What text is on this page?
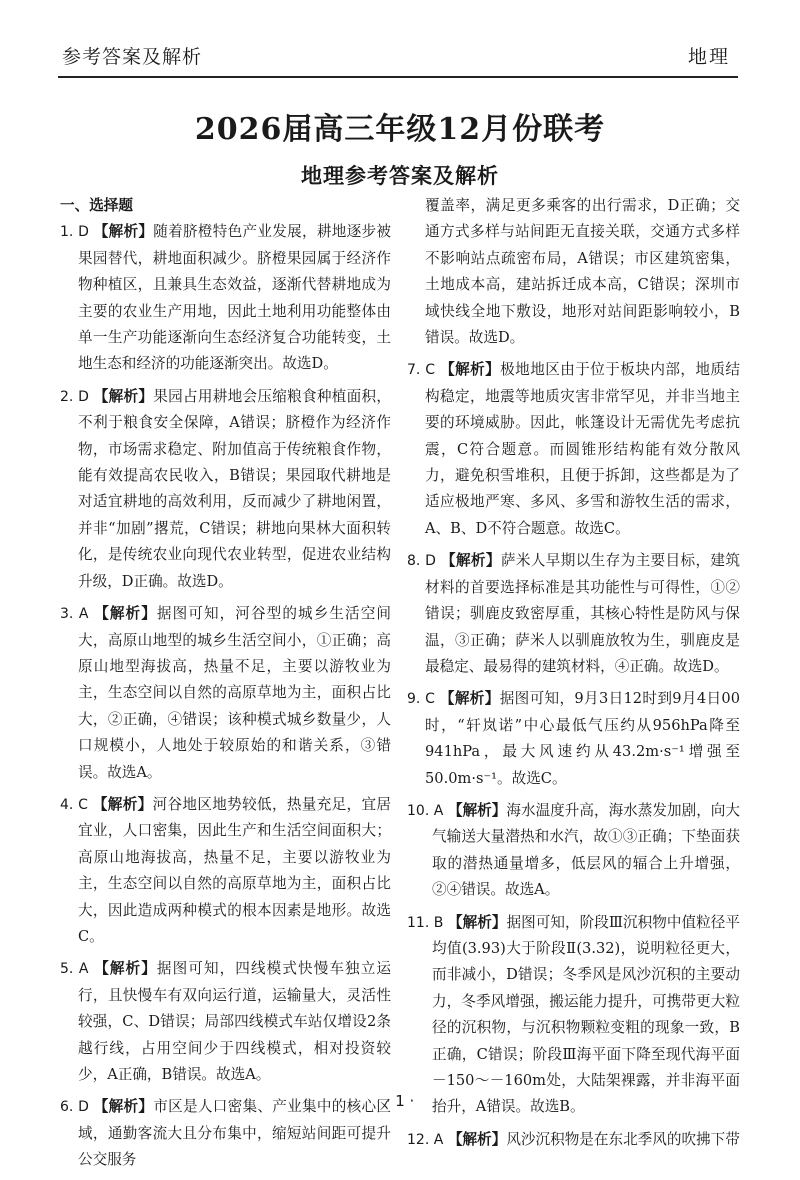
参考答案及解析	地理
2026届高三年级12月份联考
地理参考答案及解析

一、选择题

1. D 【解析】随着脐橙特色产业发展，耕地逐步被果园替代，耕地面积减少。脐橙果园属于经济作物种植区，且兼具生态效益，逐渐代替耕地成为主要的农业生产用地，因此土地利用功能整体由单一生产功能逐渐向生态经济复合功能转变，土地生态和经济的功能逐渐突出。故选D。

2. D 【解析】果园占用耕地会压缩粮食种植面积，不利于粮食安全保障，A错误；脐橙作为经济作物，市场需求稳定、附加值高于传统粮食作物，能有效提高农民收入，B错误；果园取代耕地是对适宜耕地的高效利用，反而减少了耕地闲置，并非“加剧”撂荒，C错误；耕地向果林大面积转化，是传统农业向现代农业转型，促进农业结构升级，D正确。故选D。

3. A 【解析】据图可知，河谷型的城乡生活空间大，高原山地型的城乡生活空间小，①正确；高原山地型海拔高，热量不足，主要以游牧业为主，生态空间以自然的高原草地为主，面积占比大，②正确，④错误；该种模式城乡数量少，人口规模小，人地处于较原始的和谐关系，③错误。故选A。

4. C 【解析】河谷地区地势较低，热量充足，宜居宜业，人口密集，因此生产和生活空间面积大；高原山地海拔高，热量不足，主要以游牧业为主，生态空间以自然的高原草地为主，面积占比大，因此造成两种模式的根本因素是地形。故选C。

5. A 【解析】据图可知，四线模式快慢车独立运行，且快慢车有双向运行道，运输量大，灵活性较强，C、D错误；局部四线模式车站仅增设2条越行线，占用空间少于四线模式，相对投资较少，A正确，B错误。故选A。

6. D 【解析】市区是人口密集、产业集中的核心区域，通勤客流大且分布集中，缩短站间距可提升公交服务

覆盖率，满足更多乘客的出行需求，D正确；交通方式多样与站间距无直接关联，交通方式多样不影响站点疏密布局，A错误；市区建筑密集，土地成本高，建站拆迁成本高，C错误；深圳市域快线全地下敷设，地形对站间距影响较小，B错误。故选D。

7. C 【解析】极地地区由于位于板块内部，地质结构稳定，地震等地质灾害非常罕见，并非当地主要的环境威胁。因此，帐篷设计无需优先考虑抗震，C符合题意。而圆锥形结构能有效分散风力，避免积雪堆积，且便于拆卸，这些都是为了适应极地严寒、多风、多雪和游牧生活的需求，A、B、D不符合题意。故选C。

8. D 【解析】萨米人早期以生存为主要目标，建筑材料的首要选择标准是其功能性与可得性，①②错误；驯鹿皮致密厚重，其核心特性是防风与保温，③正确；萨米人以驯鹿放牧为生，驯鹿皮是最稳定、最易得的建筑材料，④正确。故选D。

9. C 【解析】据图可知，9月3日12时到9月4日00时，“轩岚诺”中心最低气压约从956hPa降至941hPa，最大风速约从43.2m·s⁻¹增强至50.0m·s⁻¹。故选C。

10. A 【解析】海水温度升高，海水蒸发加剧，向大气输送大量潜热和水汽，故①③正确；下垫面获取的潜热通量增多，低层风的辐合上升增强，②④错误。故选A。

11. B 【解析】据图可知，阶段Ⅲ沉积物中值粒径平均值(3.93)大于阶段Ⅱ(3.32)，说明粒径更大，而非减小，D错误；冬季风是风沙沉积的主要动力，冬季风增强，搬运能力提升，可携带更大粒径的沉积物，与沉积物颗粒变粗的现象一致，B正确，C错误；阶段Ⅲ海平面下降至现代海平面－150～－160m处，大陆架裸露，并非海平面抬升，A错误。故选B。

12. A 【解析】风沙沉积物是在东北季风的吹拂下带

· 1 ·
